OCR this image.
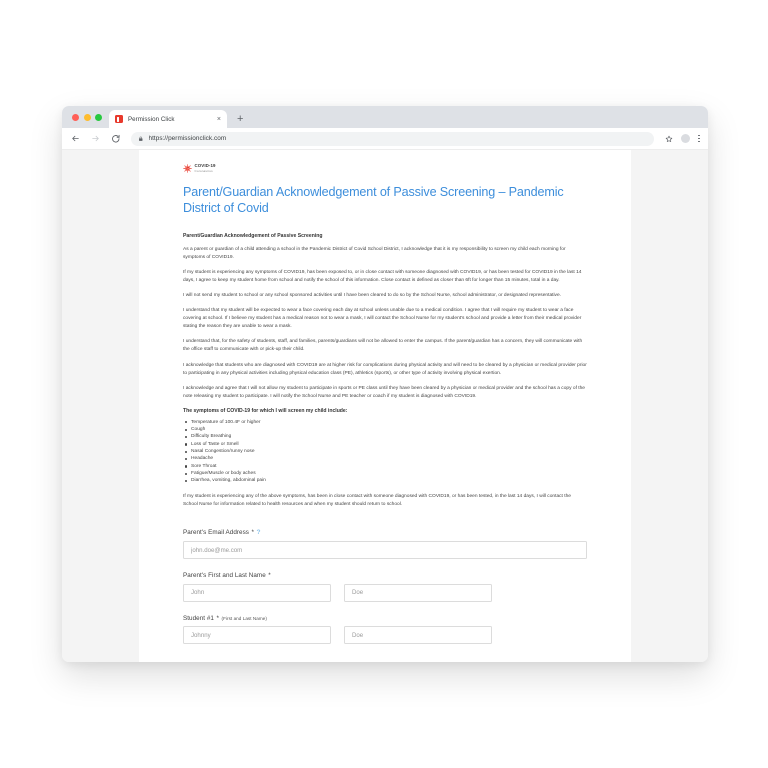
Permission Click	× +
https://permissionclick.com
COVID-19
Coronavirus
Parent/Guardian Acknowledgement of Passive Screening – Pandemic District of Covid
Parent/Guardian Acknowledgement of Passive Screening

As a parent or guardian of a child attending a school in the Pandemic District of Covid School District, I acknowledge that it is my responsibility to screen my child each morning for symptoms of COVID19.

If my student is experiencing any symptoms of COVID19, has been exposed to, or in close contact with someone diagnosed with COVID19, or has been tested for COVID19 in the last 14 days, I agree to keep my student home from school and notify the school of this information. Close contact is defined as closer than 6ft for longer than 15 minutes, total in a day.

I will not send my student to school or any school sponsored activities until I have been cleared to do so by the School Nurse, school administrator, or designated representative.

I understand that my student will be expected to wear a face covering each day at school unless unable due to a medical condition. I agree that I will require my student to wear a face covering at school. If I believe my student has a medical reason not to wear a mask, I will contact the School Nurse for my student's school and provide a letter from their medical provider stating the reason they are unable to wear a mask.

I understand that, for the safety of students, staff, and families, parents/guardians will not be allowed to enter the campus. If the parent/guardian has a concern, they will communicate with the office staff to communicate with or pick-up their child.

I acknowledge that students who are diagnosed with COVID19 are at higher risk for complications during physical activity and will need to be cleared by a physician or medical provider prior to participating in any physical activities including physical education class (PE), athletics (sports), or other type of activity involving physical exertion.

I acknowledge and agree that I will not allow my student to participate in sports or PE class until they have been cleared by a physician or medical provider and the school has a copy of the note releasing my student to participate. I will notify the School Nurse and PE teacher or coach if my student is diagnosed with COVID19.

The symptoms of COVID-19 for which I will screen my child include:
Temperature of 100.4F or higher
Cough
Difficulty Breathing
Loss of Taste or Smell
Nasal Congestion/runny nose
Headache
Sore Throat
Fatigue/Muscle or body aches
Diarrhea, vomiting, abdominal pain

If my student is experiencing any of the above symptoms, has been in close contact with someone diagnosed with COVID19, or has been tested, in the last 14 days, I will contact the School Nurse for information related to health resources and when my student should return to school.

Parent's Email Address * ?
john.doe@me.com
Parent's First and Last Name *
John
Doe
Student #1 * (First and Last Name)
Johnny
Doe
